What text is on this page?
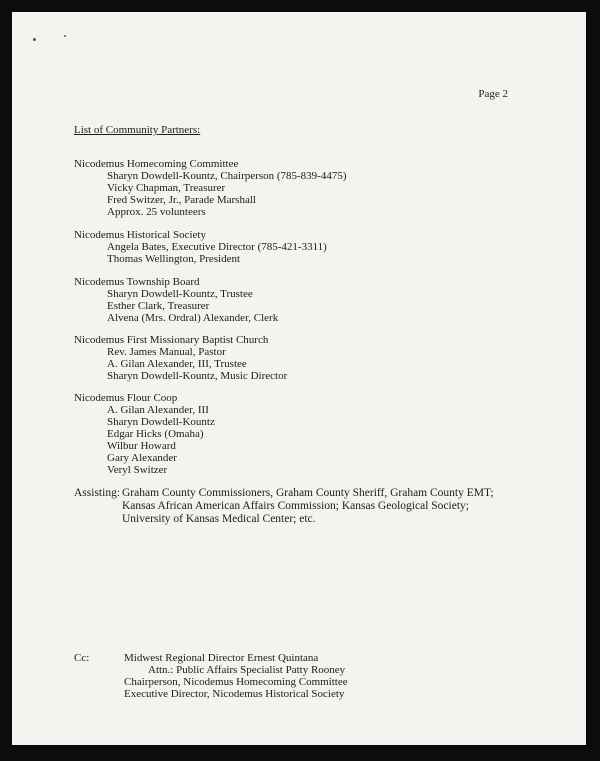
Page 2
List of Community Partners:
Nicodemus Homecoming Committee
Sharyn Dowdell-Kountz, Chairperson (785-839-4475)
Vicky Chapman, Treasurer
Fred Switzer, Jr., Parade Marshall
Approx. 25 volunteers
Nicodemus Historical Society
Angela Bates, Executive Director (785-421-3311)
Thomas Wellington, President
Nicodemus Township Board
Sharyn Dowdell-Kountz, Trustee
Esther Clark, Treasurer
Alvena (Mrs. Ordral) Alexander, Clerk
Nicodemus First Missionary Baptist Church
Rev. James Manual, Pastor
A. Gilan Alexander, III, Trustee
Sharyn Dowdell-Kountz, Music Director
Nicodemus Flour Coop
A. Gilan Alexander, III
Sharyn Dowdell-Kountz
Edgar Hicks (Omaha)
Wilbur Howard
Gary Alexander
Veryl Switzer
Assisting: Graham County Commissioners, Graham County Sheriff, Graham County EMT;
Kansas African American Affairs Commission; Kansas Geological Society;
University of Kansas Medical Center; etc.
Cc:	Midwest Regional Director Ernest Quintana
Attn.: Public Affairs Specialist Patty Rooney
Chairperson, Nicodemus Homecoming Committee
Executive Director, Nicodemus Historical Society
